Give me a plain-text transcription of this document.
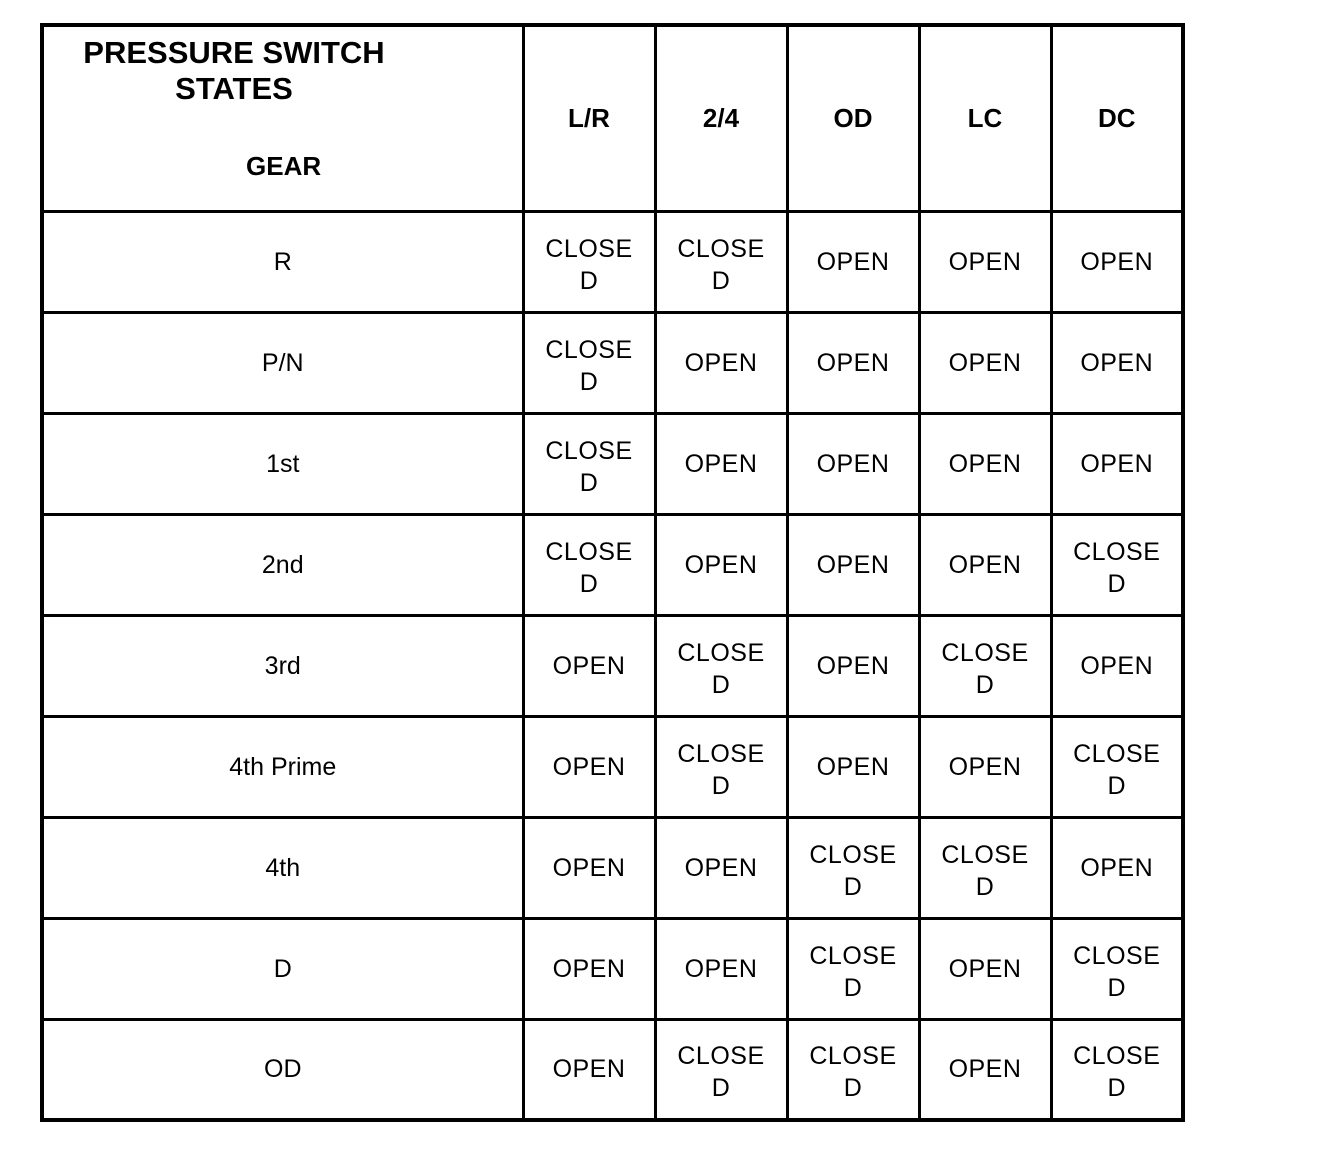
PRESSURE SWITCH
STATES
GEAR	L/R	2/4	OD	LC	DC
R	CLOSED	CLOSED	OPEN	OPEN	OPEN

P/N	CLOSED	OPEN	OPEN	OPEN	OPEN

1st	CLOSED	OPEN	OPEN	OPEN	OPEN

2nd	CLOSED	OPEN	OPEN	OPEN	CLOSED

3rd	OPEN	CLOSED	OPEN	CLOSED	OPEN

4th Prime	OPEN	CLOSED	OPEN	OPEN	CLOSED

4th	OPEN	OPEN	CLOSED	CLOSED	OPEN

D	OPEN	OPEN	CLOSED	OPEN	CLOSED

OD	OPEN	CLOSED	CLOSED	OPEN	CLOSED
